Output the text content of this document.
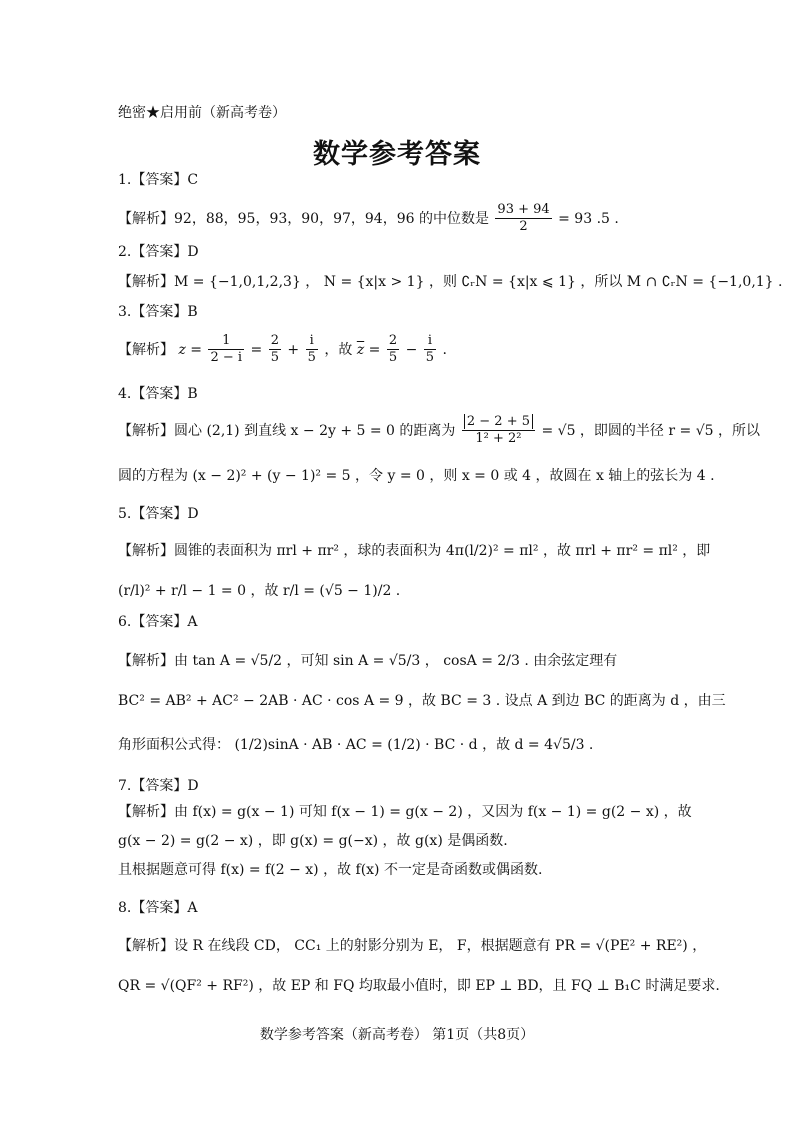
绝密★启用前（新高考卷）
数学参考答案
1.【答案】C
【解析】92，88，95，93，90，97，94，96 的中位数是 $\frac{93 + 94}{2} = 93$ .5 .
2.【答案】D
【解析】M = {−1,0,1,2,3} ， N = {x|x > 1} ，则 ∁ᵣN = {x|x ⩽ 1} ，所以 M ∩ ∁ᵣN = {−1,0,1} .
3.【答案】B
【解析】 $z = \frac{1}{2 - i} = \frac{2}{5} + \frac{i}{5}$ ，故 $\overline{z} = \frac{2}{5} - \frac{i}{5}$ .
4.【答案】B
【解析】圆心 (2,1) 到直线 x − 2y + 5 = 0 的距离为 $\frac{2 - 2 + 5}{\text{1² + 2²}} = √5$ ，即圆的半径 r = √5 ，所以
圆的方程为 (x − 2)² + (y − 1)² = 5 ，令 y = 0 ，则 x = 0 或 4 ，故圆在 x 轴上的弦长为 4 .
5.【答案】D
【解析】圆锥的表面积为 πrl + πr² ，球的表面积为 4π(l/2)² = πl² ，故 πrl + πr² = πl² ，即
(r/l)² + r/l − 1 = 0 ，故 r/l = (√5 − 1)/2 .
6.【答案】A
【解析】由 tan A = √5/2 ，可知 sin A = √5/3 ， cosA = 2/3 . 由余弦定理有
BC² = AB² + AC² − 2AB · AC · cos A = 9 ，故 BC = 3 . 设点 A 到边 BC 的距离为 d ，由三
角形面积公式得： (1/2)sinA · AB · AC = (1/2) · BC · d ，故 d = 4√5/3 .
7.【答案】D
【解析】由 f(x) = g(x − 1) 可知 f(x − 1) = g(x − 2) ，又因为 f(x − 1) = g(2 − x) ，故
g(x − 2) = g(2 − x) ，即 g(x) = g(−x) ，故 g(x) 是偶函数.
且根据题意可得 f(x) = f(2 − x) ，故 f(x) 不一定是奇函数或偶函数.
8.【答案】A
【解析】设 R 在线段 CD， CC₁ 上的射影分别为 E， F，根据题意有 PR = √(PE² + RE²) ，
QR = √(QF² + RF²) ，故 EP 和 FQ 均取最小值时，即 EP ⊥ BD，且 FQ ⊥ B₁C 时满足要求.
数学参考答案（新高考卷） 第1页（共8页）
